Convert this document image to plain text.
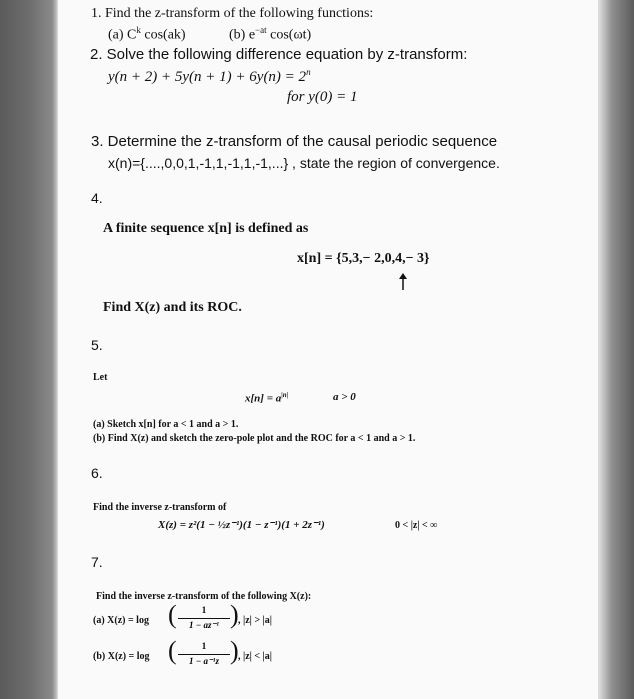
1. Find the z-transform of the following functions:
(a) $C^k$ cos(ak)	(b) $e^{-at}$ cos(ωt)
2. Solve the following difference equation by z-transform:
$y(n + 2) + 5y(n + 1) + 6y(n) = 2^n$
for y(0) = 1
3. Determine the z-transform of the causal periodic sequence
x(n)={....,0,0,1,-1,1,-1,1,-1,...} , state the region of convergence.
4.
A finite sequence x[n] is defined as
x[n] = {5,3,− 2,0,4,− 3}
Find X(z) and its ROC.
5.
Let
$x[n] = a^{|n|}$	a > 0
(a) Sketch x[n] for a < 1 and a > 1.
(b) Find X(z) and sketch the zero-pole plot and the ROC for a < 1 and a > 1.
6.
Find the inverse z-transform of
X(z) = z²(1 − ½z⁻¹)(1 − z⁻¹)(1 + 2z⁻¹)	0 < |z| < ∞
7.
Find the inverse z-transform of the following X(z):
(a) X(z) = log (	1
1 − az⁻¹ ) , |z| > |a|
(b) X(z) = log (	1
1 − a⁻¹z ) , |z| < |a|
